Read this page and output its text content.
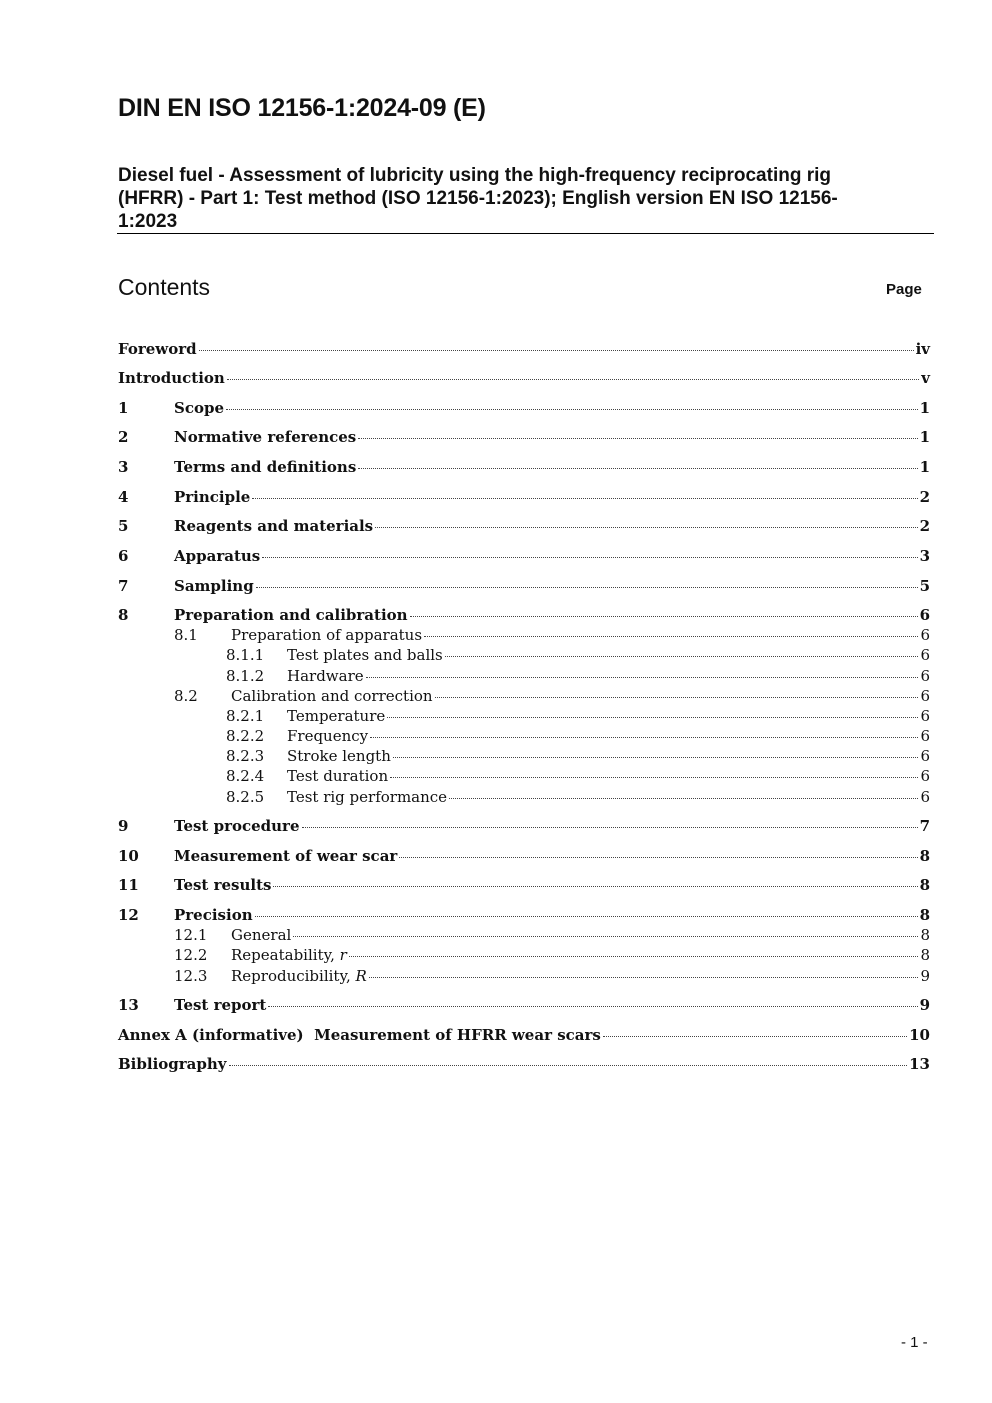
DIN EN ISO 12156-1:2024-09 (E)
Diesel fuel - Assessment of lubricity using the high-frequency reciprocating rig
(HFRR) - Part 1: Test method (ISO 12156-1:2023); English version EN ISO 12156-
1:2023
Contents	Page
Foreword	iv
Introduction	v
1	Scope	1
2	Normative references	1
3	Terms and definitions	1
4	Principle	2
5	Reagents and materials	2
6	Apparatus	3
7	Sampling	5
8	Preparation and calibration	6
8.1	Preparation of apparatus	6
8.1.1	Test plates and balls	6
8.1.2	Hardware	6
8.2	Calibration and correction	6
8.2.1	Temperature	6
8.2.2	Frequency	6
8.2.3	Stroke length	6
8.2.4	Test duration	6
8.2.5	Test rig performance	6
9	Test procedure	7
10	Measurement of wear scar	8
11	Test results	8
12	Precision	8
12.1	General	8
12.2	Repeatability, r	8
12.3	Reproducibility, R	9
13	Test report	9
Annex A (informative)  Measurement of HFRR wear scars	10
Bibliography	13
- 1 -
